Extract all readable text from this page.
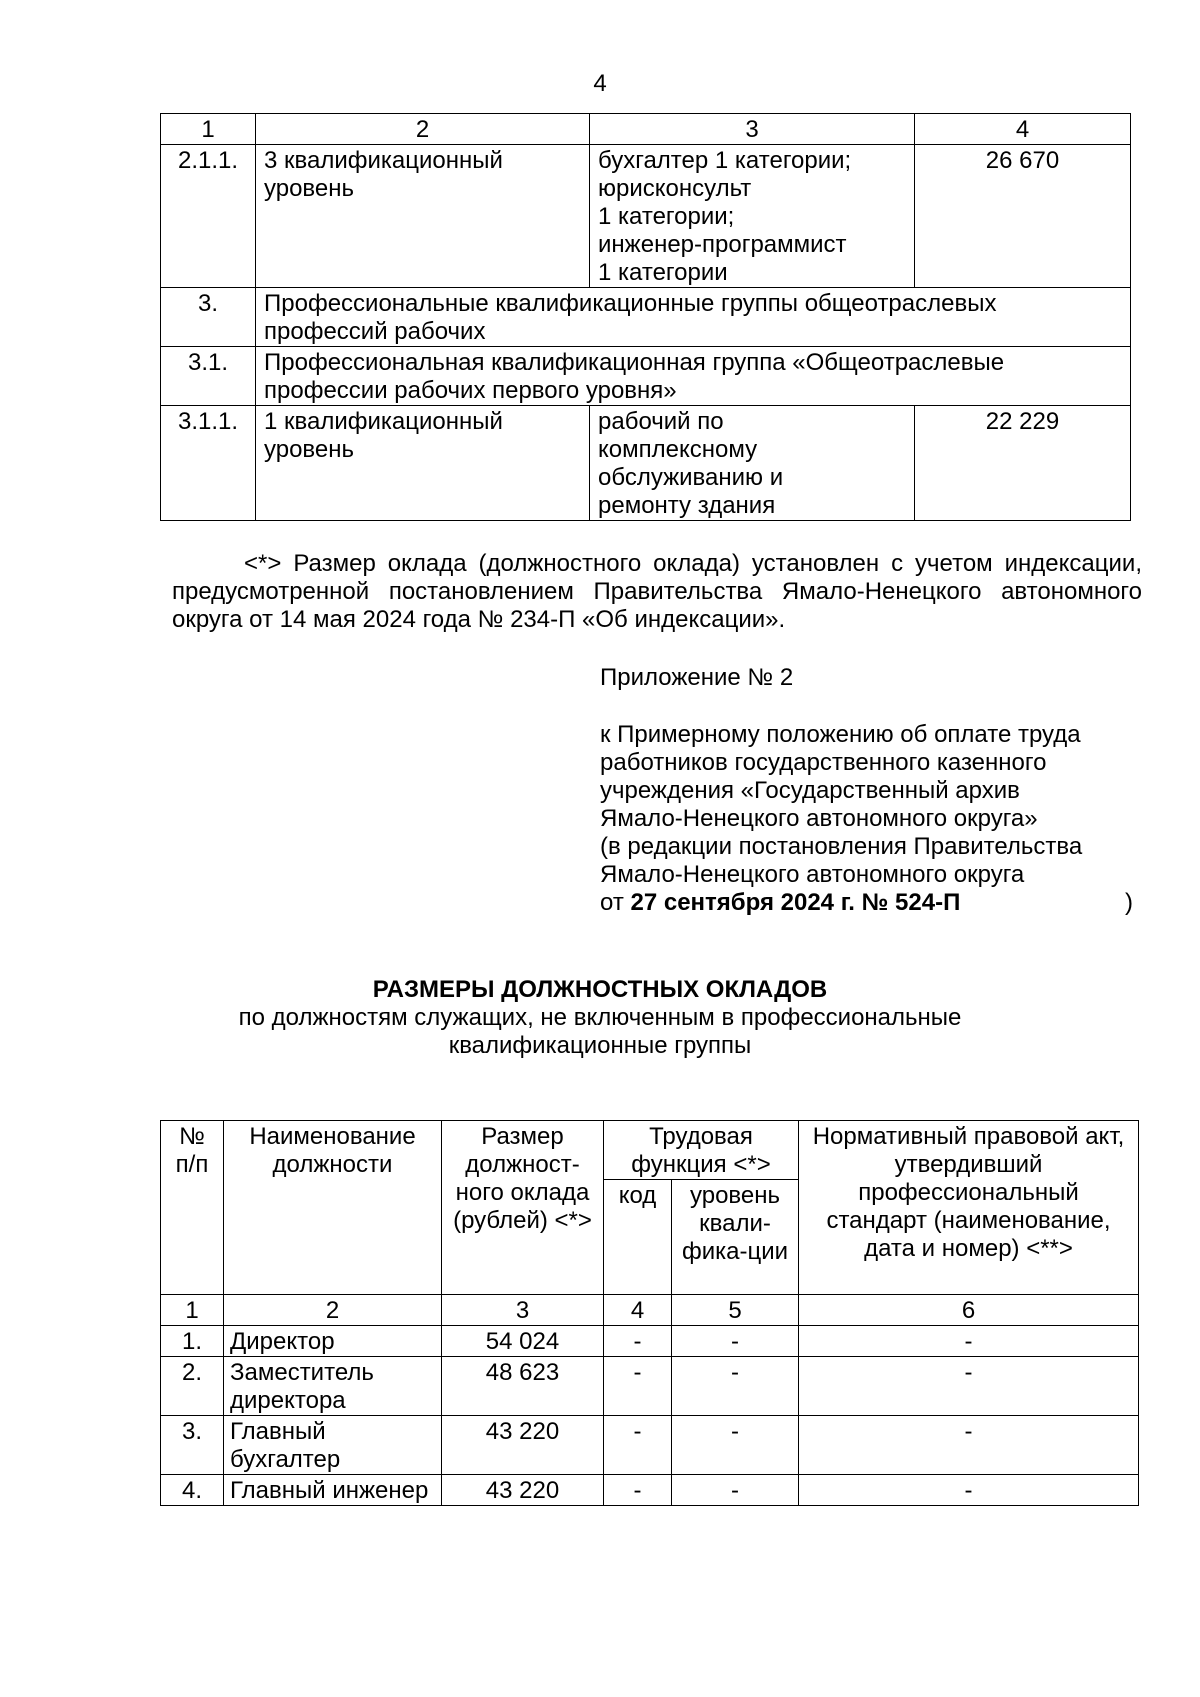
4
1	2	3	4
2.1.1.	3 квалификационный уровень	бухгалтер 1 категории;
юрисконсульт
1 категории;
инженер-программист
1 категории	26 670
3.	Профессиональные квалификационные группы общеотраслевых профессий рабочих		
3.1.	Профессиональная квалификационная группа «Общеотраслевые профессии рабочих первого уровня»		
3.1.1.	1 квалификационный уровень	рабочий по
комплексному
обслуживанию и
ремонту здания	22 229

<*> Размер оклада (должностного оклада) установлен с учетом индексации, предусмотренной постановлением Правительства Ямало-Ненецкого автономного округа от 14 мая 2024 года № 234-П «Об индексации».

Приложение № 2
к Примерному положению об оплате труда
работников государственного казенного
учреждения «Государственный архив
Ямало-Ненецкого автономного округа»
(в редакции постановления Правительства
Ямало-Ненецкого автономного округа
от 27 сентября 2024 г. № 524-П	)
РАЗМЕРЫ ДОЛЖНОСТНЫХ ОКЛАДОВ
по должностям служащих, не включенным в профессиональные
квалификационные группы
№ п/п	Наименование должности	Размер должност-ного оклада (рублей) <*>	Трудовая функция <*>		Нормативный правовой акт, утвердивший профессиональный стандарт (наименование, дата и номер) <**>
			код	уровень квали-фика-ции	
1	2	3	4	5	6
1.	Директор	54 024	-	-	-
2.	Заместитель директора	48 623	-	-	-
3.	Главный бухгалтер	43 220	-	-	-
4.	Главный инженер	43 220	-	-	-
